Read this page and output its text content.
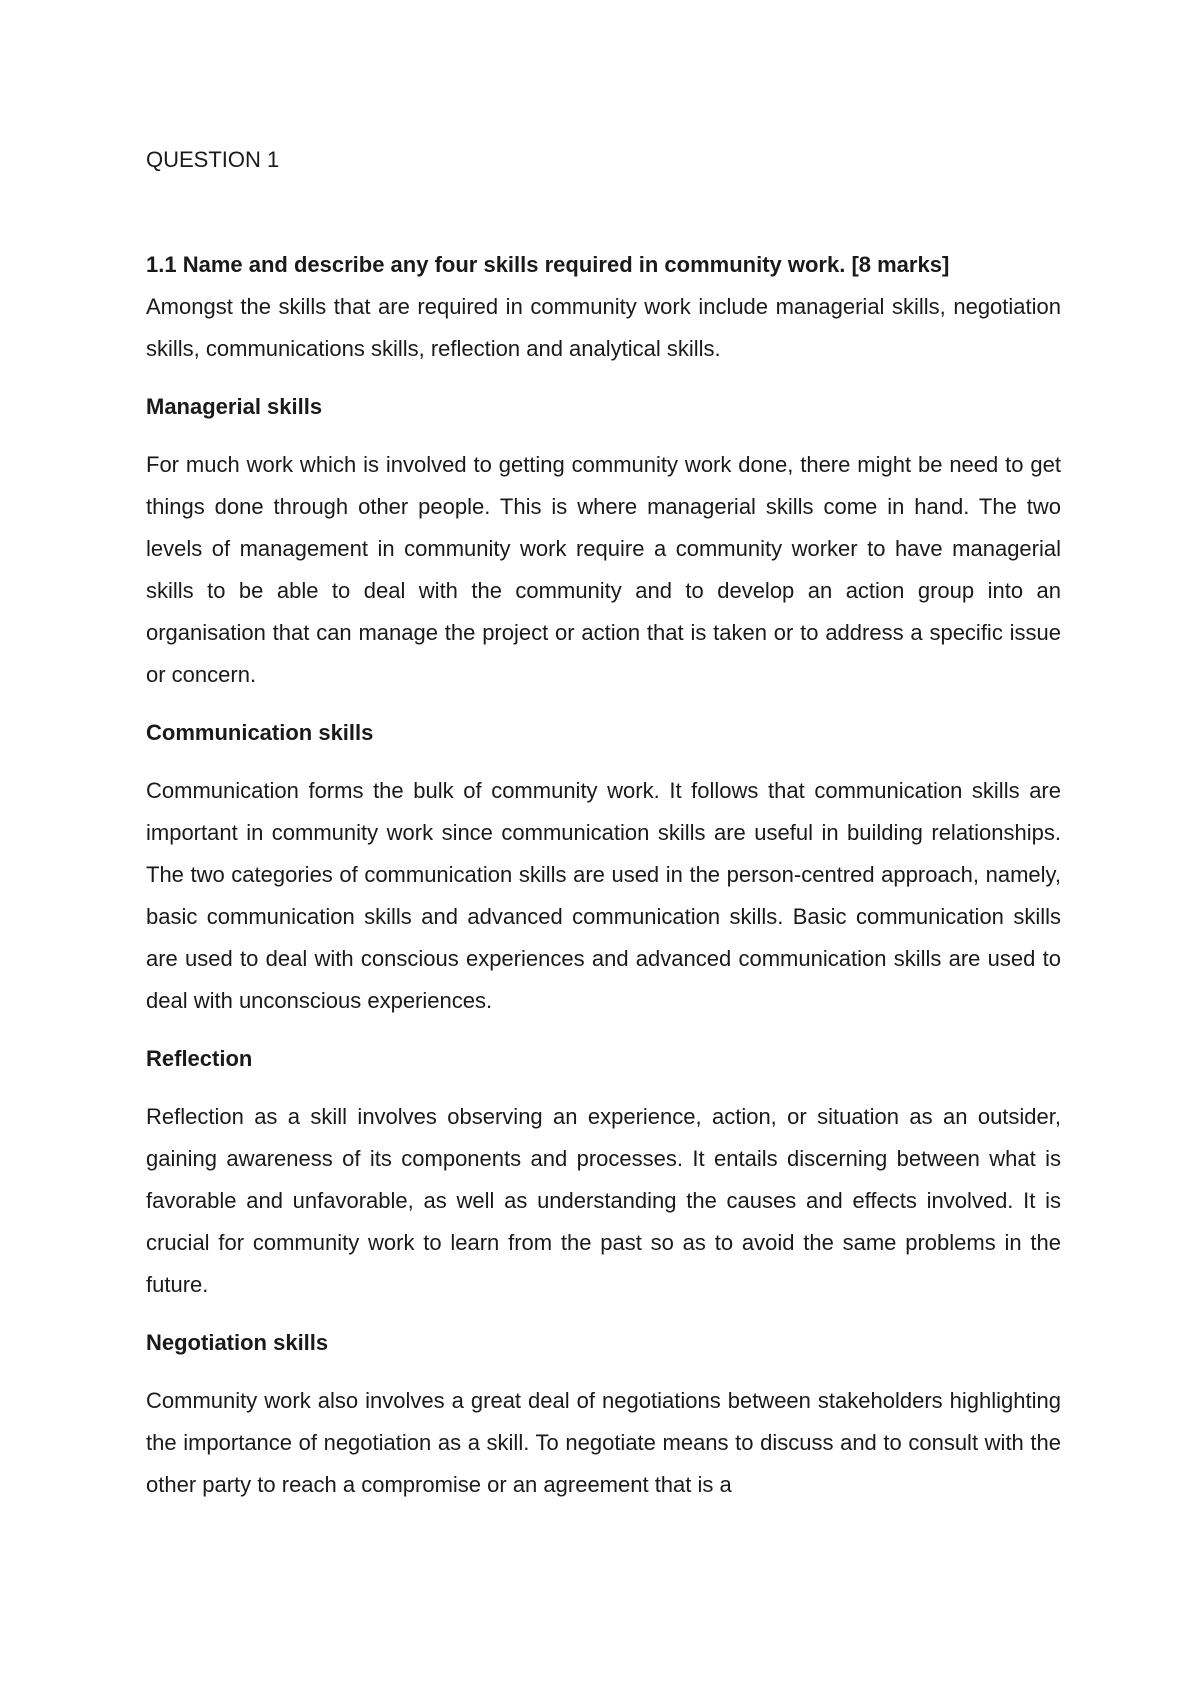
QUESTION 1
1.1 Name and describe any four skills required in community work. [8 marks]

Amongst the skills that are required in community work include managerial skills, negotiation skills, communications skills, reflection and analytical skills.

Managerial skills

For much work which is involved to getting community work done, there might be need to get things done through other people. This is where managerial skills come in hand. The two levels of management in community work require a community worker to have managerial skills to be able to deal with the community and to develop an action group into an organisation that can manage the project or action that is taken or to address a specific issue or concern.

Communication skills

Communication forms the bulk of community work. It follows that communication skills are important in community work since communication skills are useful in building relationships. The two categories of communication skills are used in the person-centred approach, namely, basic communication skills and advanced communication skills. Basic communication skills are used to deal with conscious experiences and advanced communication skills are used to deal with unconscious experiences.

Reflection

Reflection as a skill involves observing an experience, action, or situation as an outsider, gaining awareness of its components and processes. It entails discerning between what is favorable and unfavorable, as well as understanding the causes and effects involved. It is crucial for community work to learn from the past so as to avoid the same problems in the future.

Negotiation skills

Community work also involves a great deal of negotiations between stakeholders highlighting the importance of negotiation as a skill. To negotiate means to discuss and to consult with the other party to reach a compromise or an agreement that is a
